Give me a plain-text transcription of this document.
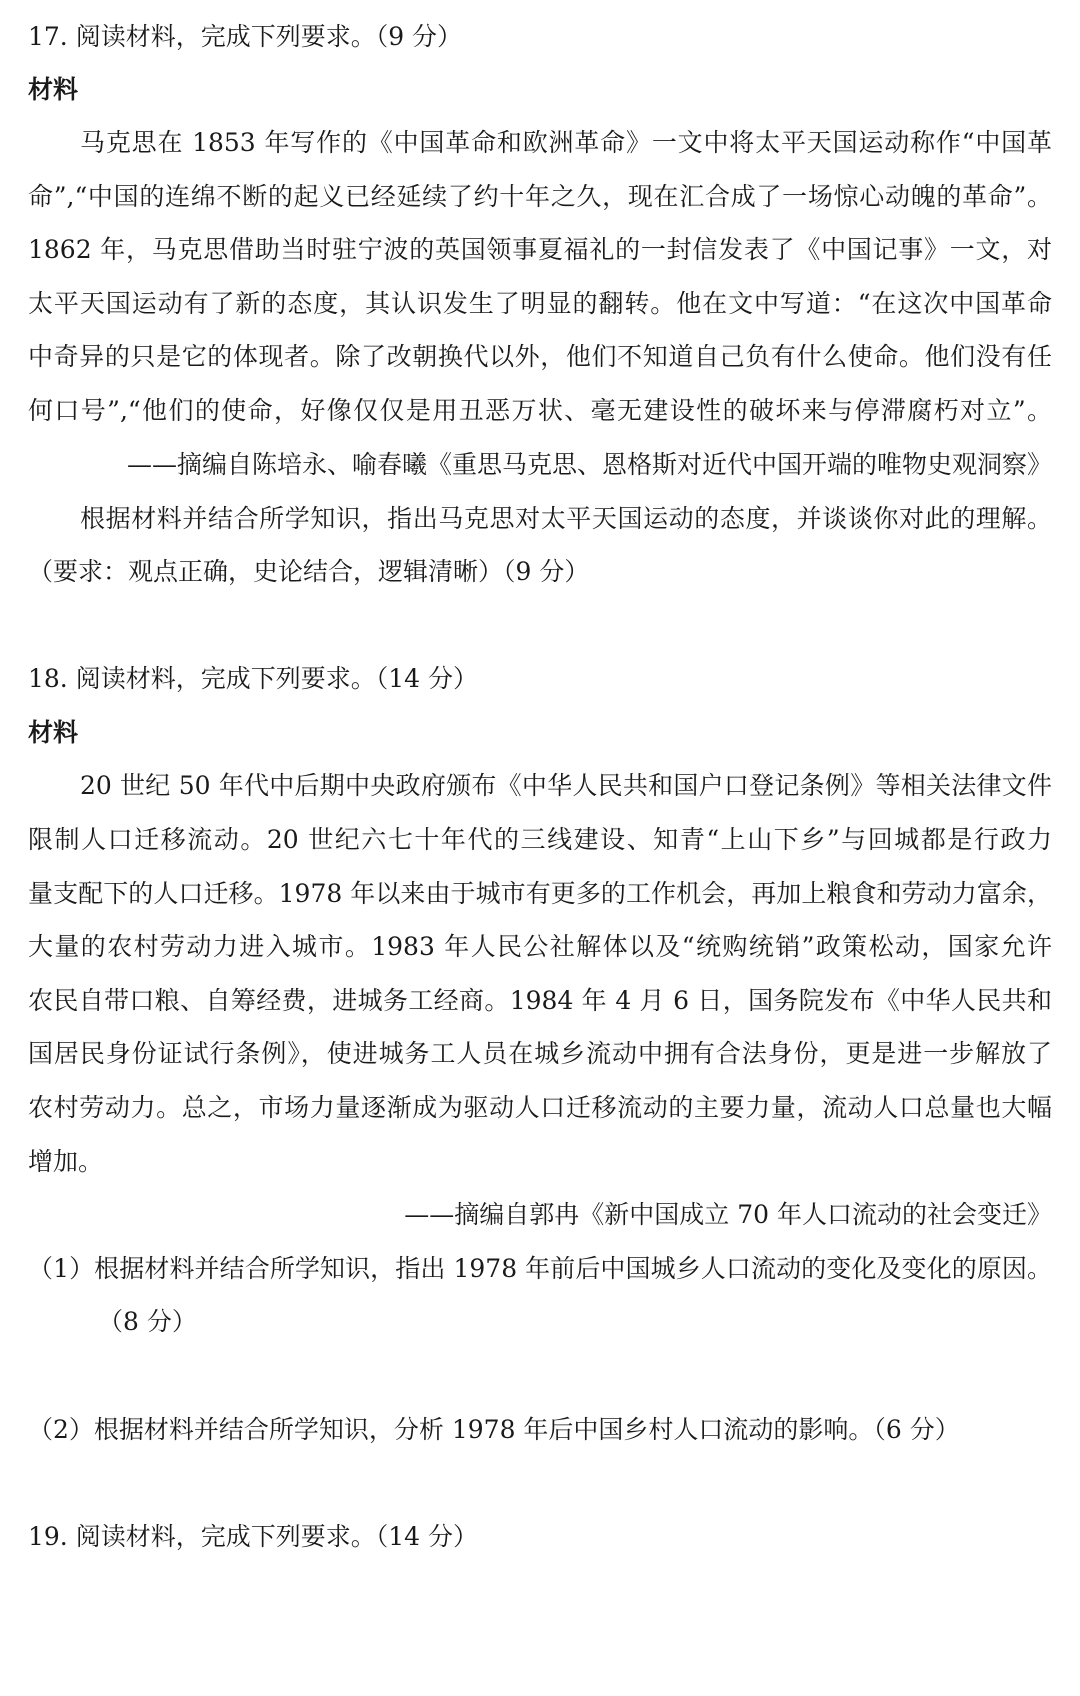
17. 阅读材料，完成下列要求。（9 分）
材料
马克思在 1853 年写作的《中国革命和欧洲革命》一文中将太平天国运动称作“中国革
命”,“中国的连绵不断的起义已经延续了约十年之久，现在汇合成了一场惊心动魄的革命”。
1862 年，马克思借助当时驻宁波的英国领事夏福礼的一封信发表了《中国记事》一文，对
太平天国运动有了新的态度，其认识发生了明显的翻转。他在文中写道：“在这次中国革命
中奇异的只是它的体现者。除了改朝换代以外，他们不知道自己负有什么使命。他们没有任
何口号”,“他们的使命，好像仅仅是用丑恶万状、毫无建设性的破坏来与停滞腐朽对立”。
——摘编自陈培永、喻春曦《重思马克思、恩格斯对近代中国开端的唯物史观洞察》
根据材料并结合所学知识，指出马克思对太平天国运动的态度，并谈谈你对此的理解。
（要求：观点正确，史论结合，逻辑清晰）（9 分）
18. 阅读材料，完成下列要求。（14 分）
材料
20 世纪 50 年代中后期中央政府颁布《中华人民共和国户口登记条例》等相关法律文件
限制人口迁移流动。20 世纪六七十年代的三线建设、知青“上山下乡”与回城都是行政力
量支配下的人口迁移。1978 年以来由于城市有更多的工作机会，再加上粮食和劳动力富余，
大量的农村劳动力进入城市。1983 年人民公社解体以及“统购统销”政策松动，国家允许
农民自带口粮、自筹经费，进城务工经商。1984 年 4 月 6 日，国务院发布《中华人民共和
国居民身份证试行条例》，使进城务工人员在城乡流动中拥有合法身份，更是进一步解放了
农村劳动力。总之，市场力量逐渐成为驱动人口迁移流动的主要力量，流动人口总量也大幅
增加。
——摘编自郭冉《新中国成立 70 年人口流动的社会变迁》
（1）根据材料并结合所学知识，指出 1978 年前后中国城乡人口流动的变化及变化的原因。
（8 分）
（2）根据材料并结合所学知识，分析 1978 年后中国乡村人口流动的影响。（6 分）
19. 阅读材料，完成下列要求。（14 分）
